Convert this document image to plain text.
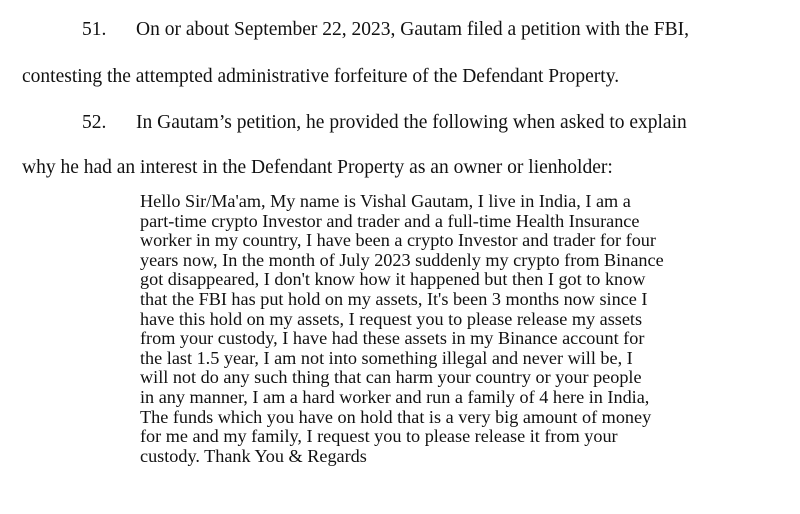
51. On or about September 22, 2023, Gautam filed a petition with the FBI,
contesting the attempted administrative forfeiture of the Defendant Property.
52. In Gautam’s petition, he provided the following when asked to explain
why he had an interest in the Defendant Property as an owner or lienholder:
Hello Sir/Ma'am, My name is Vishal Gautam, I live in India, I am a
part-time crypto Investor and trader and a full-time Health Insurance
worker in my country, I have been a crypto Investor and trader for four
years now, In the month of July 2023 suddenly my crypto from Binance
got disappeared, I don't know how it happened but then I got to know
that the FBI has put hold on my assets, It's been 3 months now since I
have this hold on my assets, I request you to please release my assets
from your custody, I have had these assets in my Binance account for
the last 1.5 year, I am not into something illegal and never will be, I
will not do any such thing that can harm your country or your people
in any manner, I am a hard worker and run a family of 4 here in India,
The funds which you have on hold that is a very big amount of money
for me and my family, I request you to please release it from your
custody. Thank You & Regards
